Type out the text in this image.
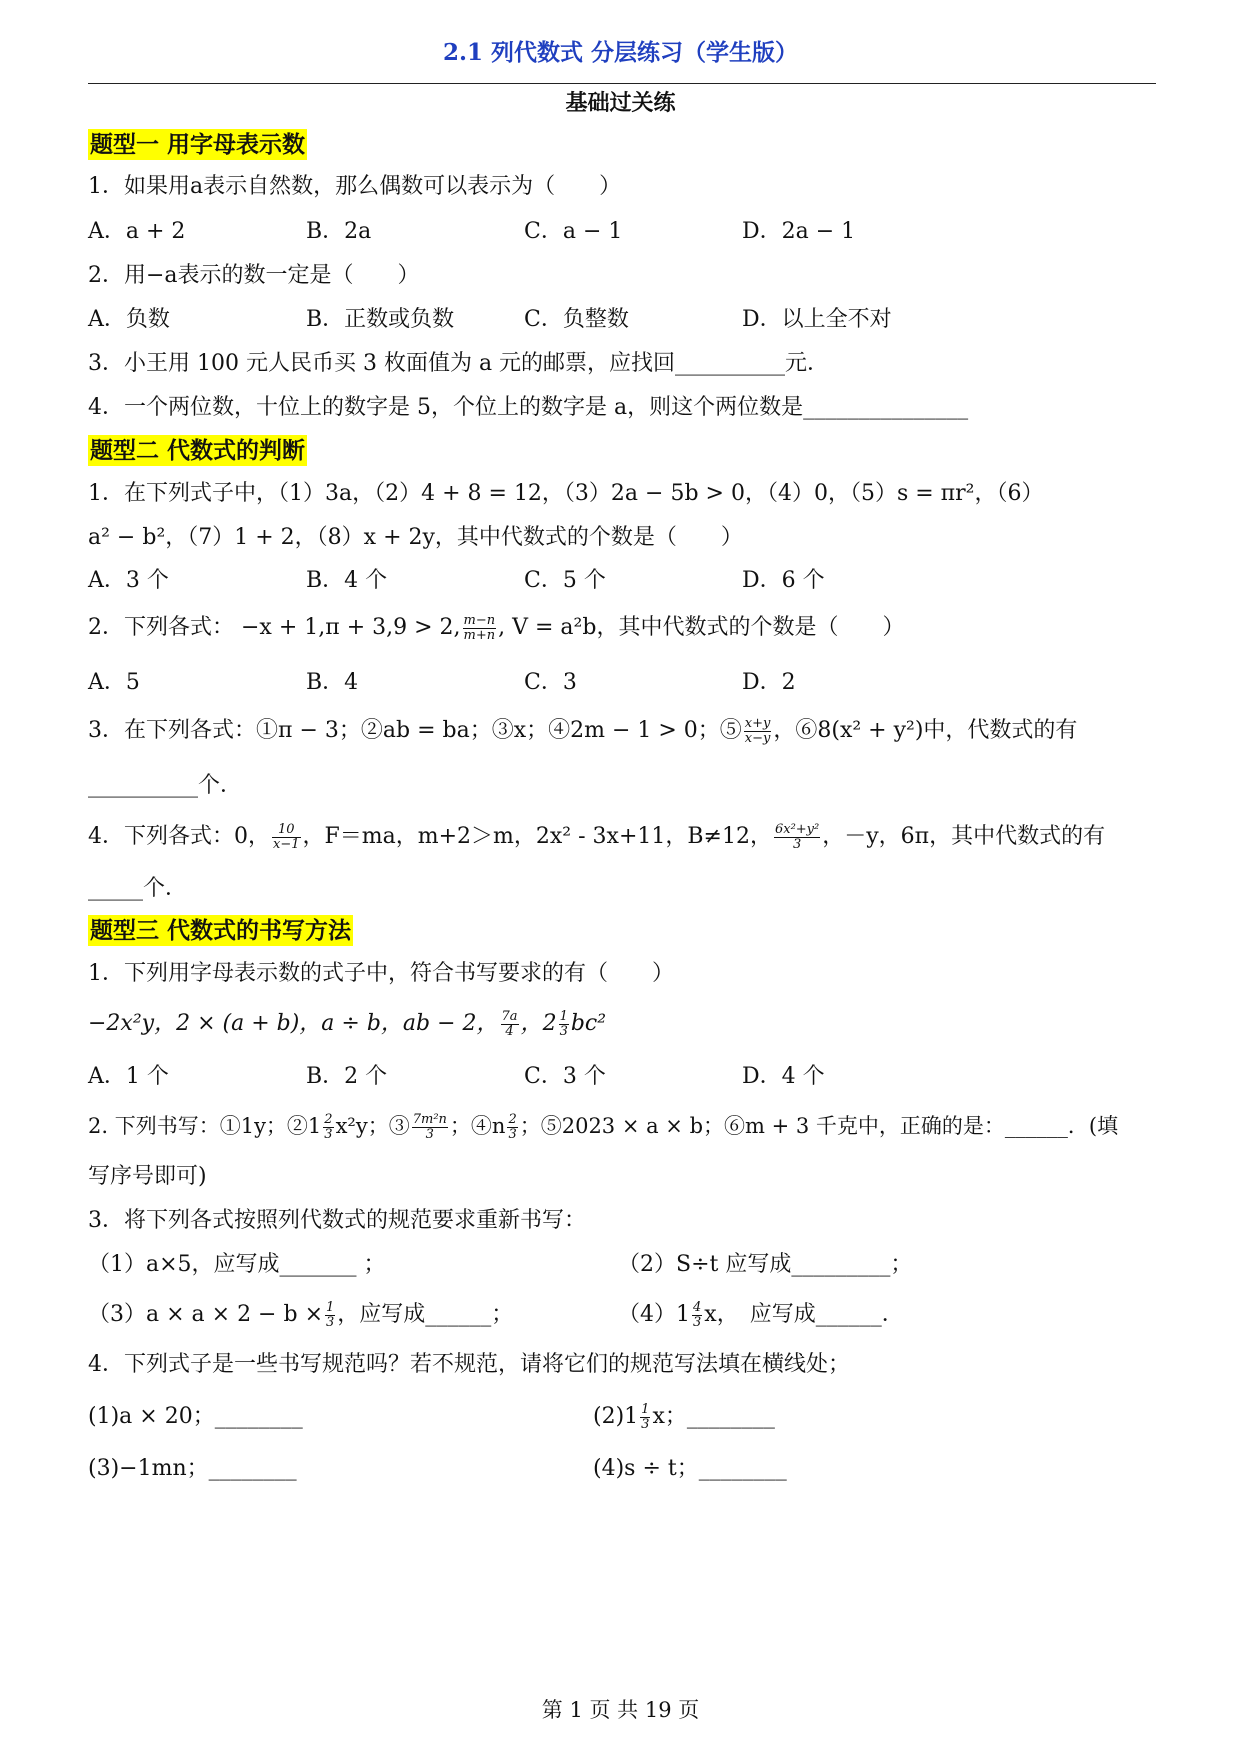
2.1 列代数式 分层练习（学生版）
基础过关练
题型一 用字母表示数
1．如果用a表示自然数，那么偶数可以表示为（　　）
A．a + 2	B．2a	C．a − 1	D．2a − 1
2．用−a表示的数一定是（　　）
A．负数	B．正数或负数	C．负整数	D．以上全不对
3．小王用 100 元人民币买 3 枚面值为 a 元的邮票，应找回__________元．
4．一个两位数，十位上的数字是 5，个位上的数字是 a，则这个两位数是_______________
题型二 代数式的判断
1．在下列式子中，（1）3a，（2）4 + 8 = 12，（3）2a − 5b > 0，（4）0，（5）s = πr²，（6）
a² − b²，（7）1 + 2，（8）x + 2y，其中代数式的个数是（　　）
A．3 个	B．4 个	C．5 个	D．6 个
2．下列各式： −x + 1,π + 3,9 > 2, $\frac{m-n}{m+n}$ , V = a²b，其中代数式的个数是（　　）
A．5	B．4	C．3	D．2
3．在下列各式：①π − 3；②ab = ba；③x；④2m − 1 > 0；⑤ $\frac{x+y}{x-y}$ ，⑥8(x² + y²)中，代数式的有
__________个．
4．下列各式：0， $\frac{10}{x-1}$ ，F＝ma，m+2＞m，2x² - 3x+11，B≠12， $\frac{\text{6x²+y²}}{3}$ ，－y，6π，其中代数式的有
_____个．
题型三 代数式的书写方法
1．下列用字母表示数的式子中，符合书写要求的有（　　）
−2x²y，2 × (a + b)，a ÷ b，ab − 2， $\frac{7a}{4}$ ，$2 \frac{1}{3} bc^2$
A．1 个	B．2 个	C．3 个	D．4 个
2. 下列书写：①1y；②1 $\frac{2}{3} x^2y$；③ $\frac{\text{7m²n}}{3}$ ；④n $\frac{2}{3}$ ；⑤2023 × a × b；⑥m + 3 千克中，正确的是：______．(填
写序号即可)
3．将下列各式按照列代数式的规范要求重新书写：
（1）a×5，应写成_______ ；	（2）S÷t 应写成_________；
$(3)a \times a \times 2 - b \times \frac{1}{3}$ ，应写成______；	$(4)1 \frac{4}{3}$ x，　应写成______．
4．下列式子是一些书写规范吗？若不规范，请将它们的规范写法填在横线处；
(1)a × 20；________	$(2)1 \frac{1}{3}$ x；________
(3)−1mn；________	(4)s ÷ t；________
第 1 页 共 19 页
